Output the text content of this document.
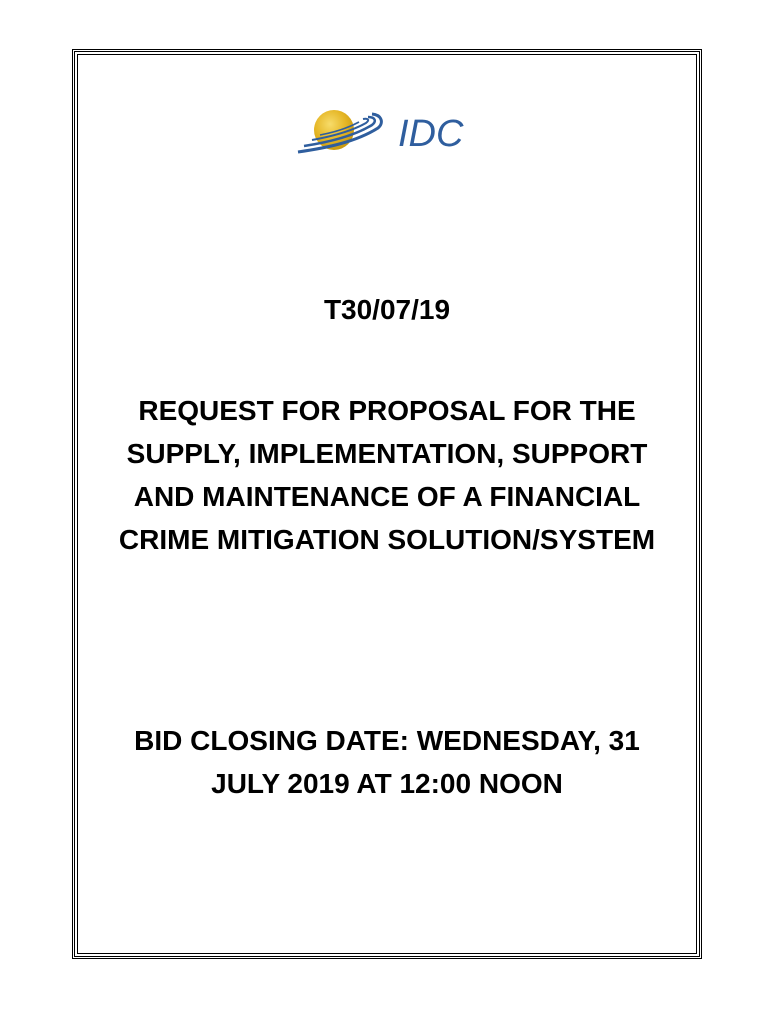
IDC

T30/07/19

REQUEST FOR PROPOSAL FOR THE
SUPPLY, IMPLEMENTATION, SUPPORT
AND MAINTENANCE OF A FINANCIAL
CRIME MITIGATION SOLUTION/SYSTEM
BID CLOSING DATE: WEDNESDAY, 31
JULY 2019 AT 12:00 NOON
